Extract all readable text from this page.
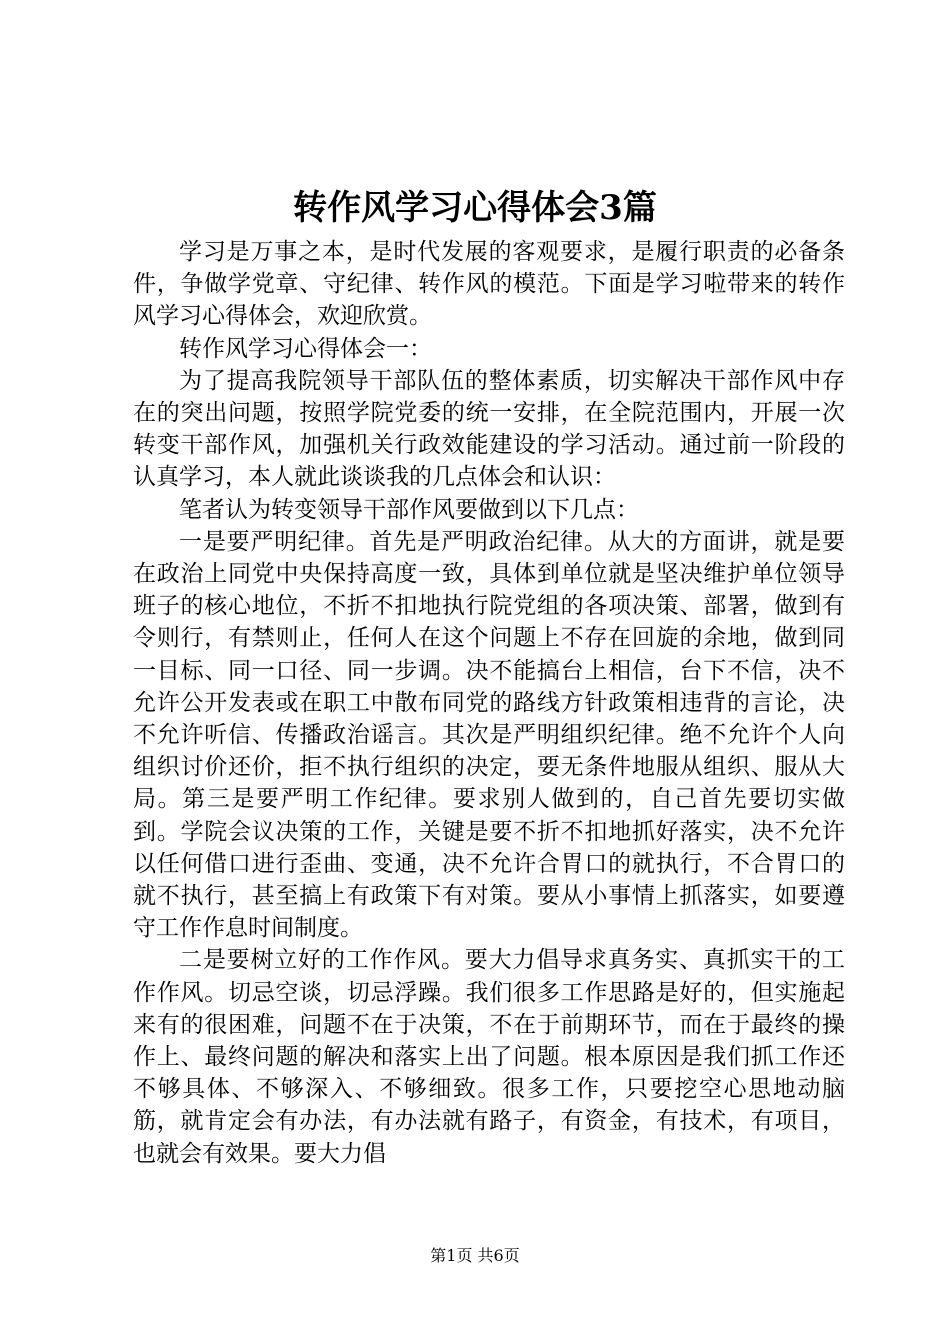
转作风学习心得体会3篇

学习是万事之本，是时代发展的客观要求，是履行职责的必备条件，争做学党章、守纪律、转作风的模范。下面是学习啦带来的转作风学习心得体会，欢迎欣赏。

转作风学习心得体会一：

为了提高我院领导干部队伍的整体素质，切实解决干部作风中存在的突出问题，按照学院党委的统一安排，在全院范围内，开展一次转变干部作风，加强机关行政效能建设的学习活动。通过前一阶段的认真学习，本人就此谈谈我的几点体会和认识：

笔者认为转变领导干部作风要做到以下几点：

一是要严明纪律。首先是严明政治纪律。从大的方面讲，就是要在政治上同党中央保持高度一致，具体到单位就是坚决维护单位领导班子的核心地位，不折不扣地执行院党组的各项决策、部署，做到有令则行，有禁则止，任何人在这个问题上不存在回旋的余地，做到同一目标、同一口径、同一步调。决不能搞台上相信，台下不信，决不允许公开发表或在职工中散布同党的路线方针政策相违背的言论，决不允许听信、传播政治谣言。其次是严明组织纪律。绝不允许个人向组织讨价还价，拒不执行组织的决定，要无条件地服从组织、服从大局。第三是要严明工作纪律。要求别人做到的，自己首先要切实做到。学院会议决策的工作，关键是要不折不扣地抓好落实，决不允许以任何借口进行歪曲、变通，决不允许合胃口的就执行，不合胃口的就不执行，甚至搞上有政策下有对策。要从小事情上抓落实，如要遵守工作作息时间制度。

二是要树立好的工作作风。要大力倡导求真务实、真抓实干的工作作风。切忌空谈，切忌浮躁。我们很多工作思路是好的，但实施起来有的很困难，问题不在于决策，不在于前期环节，而在于最终的操作上、最终问题的解决和落实上出了问题。根本原因是我们抓工作还不够具体、不够深入、不够细致。很多工作，只要挖空心思地动脑筋，就肯定会有办法，有办法就有路子，有资金，有技术，有项目，也就会有效果。要大力倡

第1页 共6页
